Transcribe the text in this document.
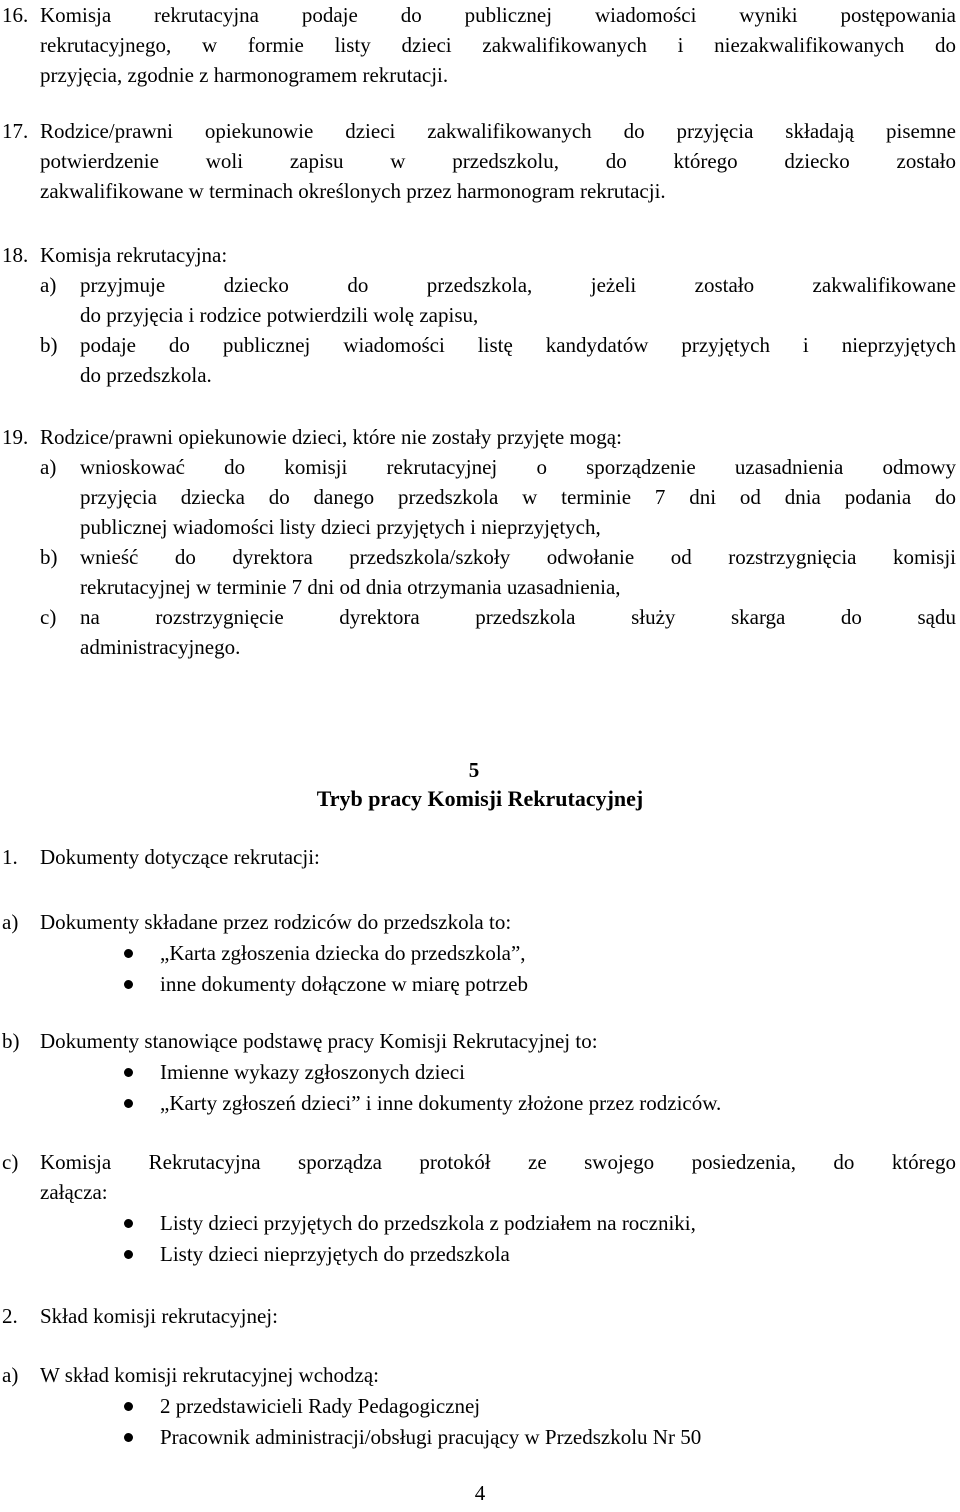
16. Komisja rekrutacyjna podaje do publicznej wiadomości wyniki postępowania
rekrutacyjnego, w formie listy dzieci zakwalifikowanych i niezakwalifikowanych do
przyjęcia, zgodnie z harmonogramem rekrutacji.
17. Rodzice/prawni opiekunowie dzieci zakwalifikowanych do przyjęcia składają pisemne
potwierdzenie woli zapisu w przedszkolu, do którego dziecko zostało
zakwalifikowane w terminach określonych przez harmonogram rekrutacji.
18. Komisja rekrutacyjna:
a) przyjmuje dziecko do przedszkola, jeżeli zostało zakwalifikowane
do przyjęcia i rodzice potwierdzili wolę zapisu,
b) podaje do publicznej wiadomości listę kandydatów przyjętych i nieprzyjętych
do przedszkola.
19. Rodzice/prawni opiekunowie dzieci, które nie zostały przyjęte mogą:
a) wnioskować do komisji rekrutacyjnej o sporządzenie uzasadnienia odmowy
przyjęcia dziecka do danego przedszkola w terminie 7 dni od dnia podania do
publicznej wiadomości listy dzieci przyjętych i nieprzyjętych,
b) wnieść do dyrektora przedszkola/szkoły odwołanie od rozstrzygnięcia komisji
rekrutacyjnej w terminie 7 dni od dnia otrzymania uzasadnienia,
c) na rozstrzygnięcie dyrektora przedszkola służy skarga do sądu
administracyjnego.
5
Tryb pracy Komisji Rekrutacyjnej
1. Dokumenty dotyczące rekrutacji:
a) Dokumenty składane przez rodziców do przedszkola to:
„Karta zgłoszenia dziecka do przedszkola”,
inne dokumenty dołączone w miarę potrzeb
b) Dokumenty stanowiące podstawę pracy Komisji Rekrutacyjnej to:
Imienne wykazy zgłoszonych dzieci
„Karty zgłoszeń dzieci” i inne dokumenty złożone przez rodziców.
c) Komisja Rekrutacyjna sporządza protokół ze swojego posiedzenia, do którego
załącza:
Listy dzieci przyjętych do przedszkola z podziałem na roczniki,
Listy dzieci nieprzyjętych do przedszkola
2. Skład komisji rekrutacyjnej:
a) W skład komisji rekrutacyjnej wchodzą:
2 przedstawicieli Rady Pedagogicznej
Pracownik administracji/obsługi pracujący w Przedszkolu Nr 50
4
